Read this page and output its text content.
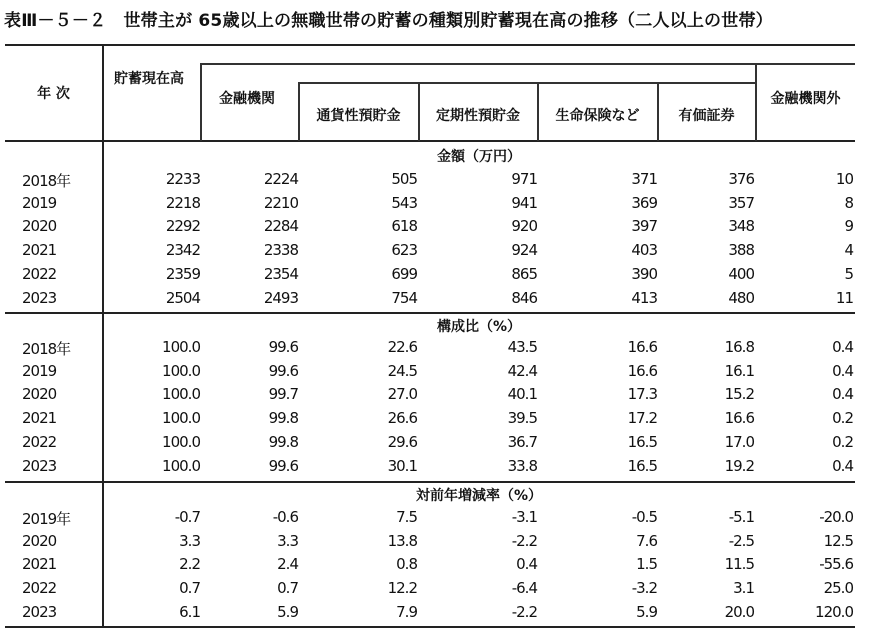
表Ⅲ－５－２　世帯主が 65歳以上の無職世帯の貯蓄の種類別貯蓄現在高の推移（二人以上の世帯）
年 次
貯蓄現在高
金融機関
通貨性預貯金	定期性預貯金	生命保険など	有価証券
金融機関外
金額（万円）
2018年	2233	2224	505	971	371	376	10
2019	2218	2210	543	941	369	357	8
2020	2292	2284	618	920	397	348	9
2021	2342	2338	623	924	403	388	4
2022	2359	2354	699	865	390	400	5
2023	2504	2493	754	846	413	480	11
構成比（%）
2018年	100.0	99.6	22.6	43.5	16.6	16.8	0.4
2019	100.0	99.6	24.5	42.4	16.6	16.1	0.4
2020	100.0	99.7	27.0	40.1	17.3	15.2	0.4
2021	100.0	99.8	26.6	39.5	17.2	16.6	0.2
2022	100.0	99.8	29.6	36.7	16.5	17.0	0.2
2023	100.0	99.6	30.1	33.8	16.5	19.2	0.4
対前年増減率（%）
2019年	-0.7	-0.6	7.5	-3.1	-0.5	-5.1	-20.0
2020	3.3	3.3	13.8	-2.2	7.6	-2.5	12.5
2021	2.2	2.4	0.8	0.4	1.5	11.5	-55.6
2022	0.7	0.7	12.2	-6.4	-3.2	3.1	25.0
2023	6.1	5.9	7.9	-2.2	5.9	20.0	120.0
